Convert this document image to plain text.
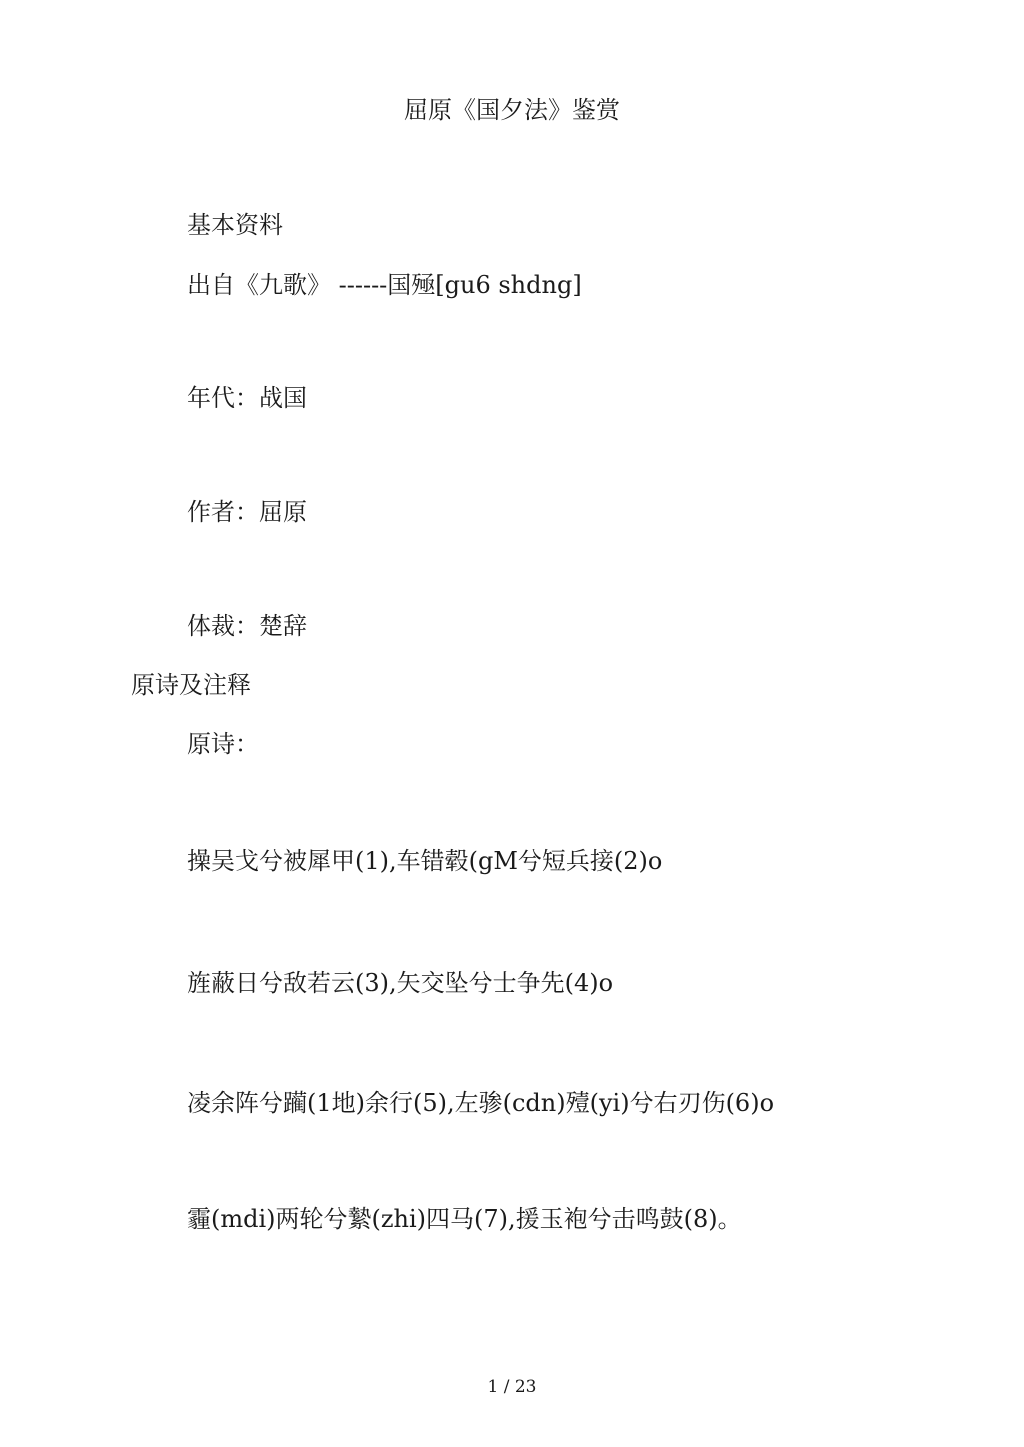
屈原《国夕法》鉴赏
基本资料
出自《九歌》 ------国殛[gu6 shdng]
年代：战国
作者：屈原
体裁：楚辞
原诗及注释
原诗：
操吴戈兮被犀甲(1),车错毂(gM兮短兵接(2)o
旌蔽日兮敌若云(3),矢交坠兮士争先(4)o
凌余阵兮躏(1地)余行(5),左骖(cdn)殪(yi)兮右刃伤(6)o
霾(mdi)两轮兮縶(zhi)四马(7),援玉袍兮击鸣鼓(8)。
1 / 23
